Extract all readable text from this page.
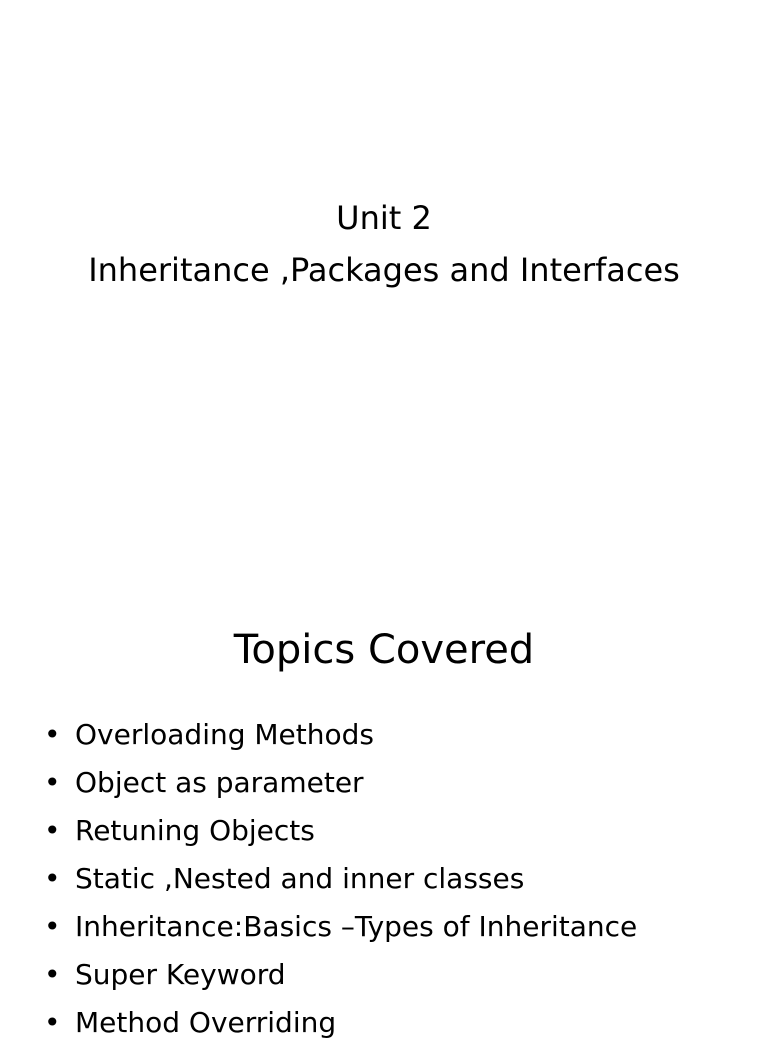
Unit 2
Inheritance ,Packages and Interfaces
Topics Covered
• Overloading Methods
• Object as parameter
• Retuning Objects
• Static ,Nested and inner classes
• Inheritance:Basics –Types of Inheritance
• Super Keyword
• Method Overriding
